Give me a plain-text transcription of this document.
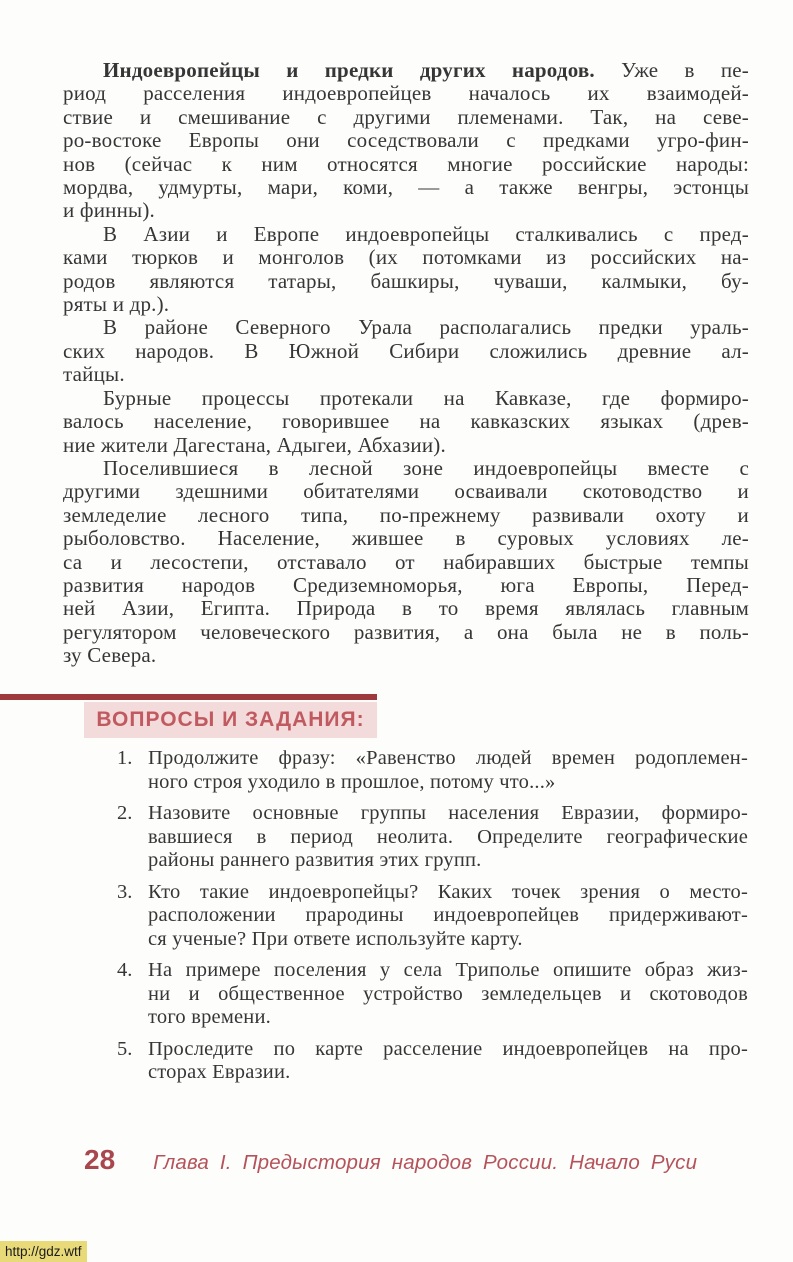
Индоевропейцы и предки других народов. Уже в пе-
риод расселения индоевропейцев началось их взаимодей-
ствие и смешивание с другими племенами. Так, на севе-
ро-востоке Европы они соседствовали с предками угро-фин-
нов (сейчас к ним относятся многие российские народы:
мордва, удмурты, мари, коми, — а также венгры, эстонцы
и финны).
В Азии и Европе индоевропейцы сталкивались с пред-
ками тюрков и монголов (их потомками из российских на-
родов являются татары, башкиры, чуваши, калмыки, бу-
ряты и др.).
В районе Северного Урала располагались предки ураль-
ских народов. В Южной Сибири сложились древние ал-
тайцы.
Бурные процессы протекали на Кавказе, где формиро-
валось население, говорившее на кавказских языках (древ-
ние жители Дагестана, Адыгеи, Абхазии).
Поселившиеся в лесной зоне индоевропейцы вместе с
другими здешними обитателями осваивали скотоводство и
земледелие лесного типа, по-прежнему развивали охоту и
рыболовство. Население, жившее в суровых условиях ле-
са и лесостепи, отставало от набиравших быстрые темпы
развития народов Средиземноморья, юга Европы, Перед-
ней Азии, Египта. Природа в то время являлась главным
регулятором человеческого развития, а она была не в поль-
зу Севера.
ВОПРОСЫ И ЗАДАНИЯ:
1. Продолжите фразу: «Равенство людей времен родоплемен-
ного строя уходило в прошлое, потому что...»
2. Назовите основные группы населения Евразии, формиро-
вавшиеся в период неолита. Определите географические
районы раннего развития этих групп.
3. Кто такие индоевропейцы? Каких точек зрения о место-
расположении прародины индоевропейцев придерживают-
ся ученые? При ответе используйте карту.
4. На примере поселения у села Триполье опишите образ жиз-
ни и общественное устройство земледельцев и скотоводов
того времени.
5. Проследите по карте расселение индоевропейцев на про-
сторах Евразии.
28 Глава I. Предыстория народов России. Начало Руси
http://gdz.wtf
